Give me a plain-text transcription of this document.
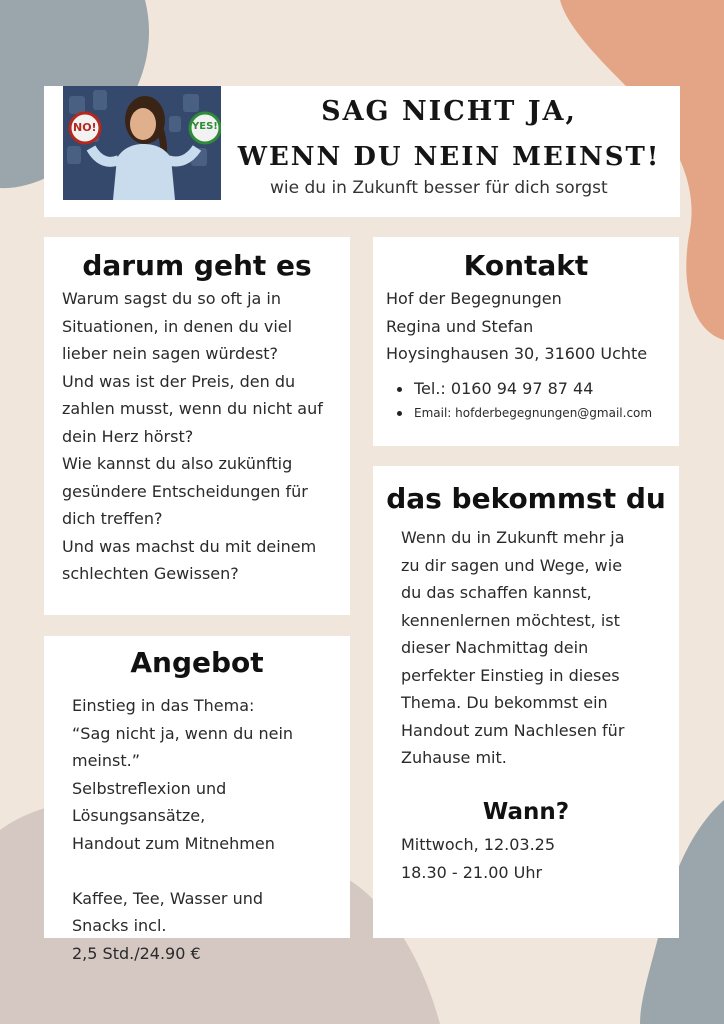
NO!	YES!	SAG NICHT JA,
WENN DU NEIN MEINST!
wie du in Zukunft besser für dich sorgst
darum geht es
Warum sagst du so oft ja in
Situationen, in denen du viel
lieber nein sagen würdest?
Und was ist der Preis, den du
zahlen musst, wenn du nicht auf
dein Herz hörst?
Wie kannst du also zukünftig
gesündere Entscheidungen für
dich treffen?
Und was machst du mit deinem
schlechten Gewissen?
Kontakt
Hof der Begegnungen
Regina und Stefan
Hoysinghausen 30, 31600 Uchte
Tel.: 0160 94 97 87 44
Email: hofderbegegnungen@gmail.com
Angebot
Einstieg in das Thema:
“Sag nicht ja, wenn du nein
meinst.”
Selbstreflexion und
Lösungsansätze,
Handout zum Mitnehmen
Kaffee, Tee, Wasser und
Snacks incl.
2,5 Std./24.90 €
das bekommst du
Wenn du in Zukunft mehr ja
zu dir sagen und Wege, wie
du das schaffen kannst,
kennenlernen möchtest, ist
dieser Nachmittag dein
perfekter Einstieg in dieses
Thema. Du bekommst ein
Handout zum Nachlesen für
Zuhause mit.
Wann?
Mittwoch, 12.03.25
18.30 - 21.00 Uhr
